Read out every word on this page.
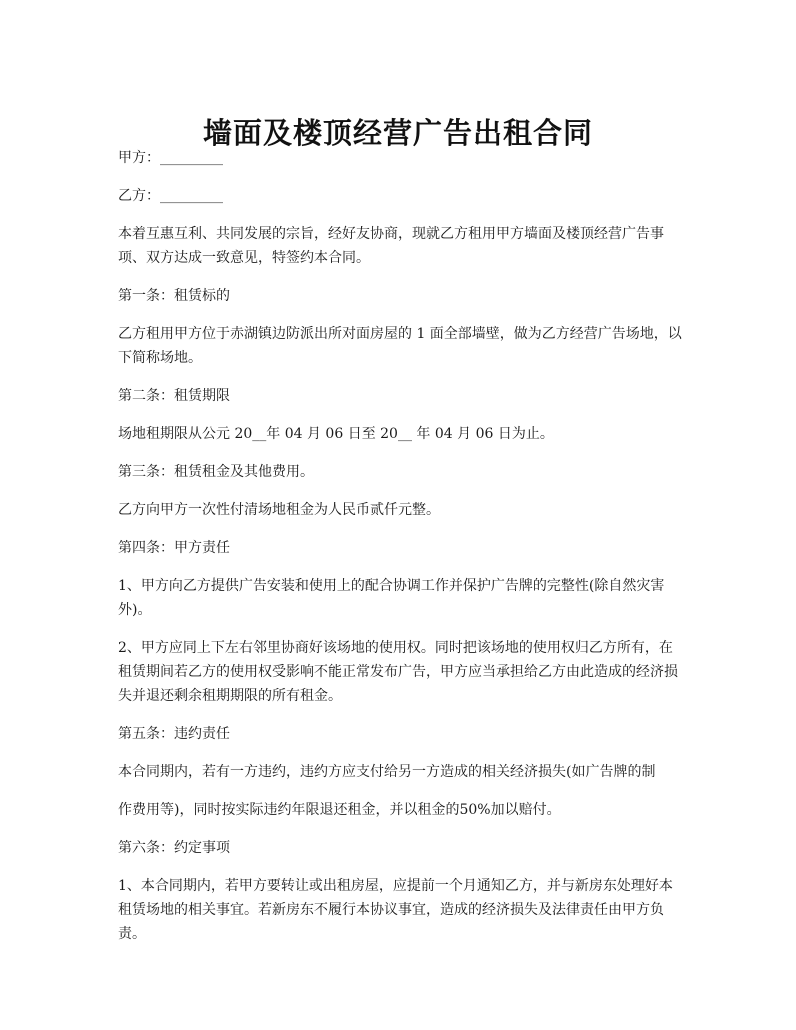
墙面及楼顶经营广告出租合同

甲方：_________

乙方：_________

本着互惠互利、共同发展的宗旨，经好友协商，现就乙方租用甲方墙面及楼顶经营广告事项、双方达成一致意见，特签约本合同。

第一条：租赁标的

乙方租用甲方位于赤湖镇边防派出所对面房屋的 1 面全部墙壁，做为乙方经营广告场地，以下简称场地。

第二条：租赁期限

场地租期限从公元 20__年 04 月 06 日至 20__ 年 04 月 06 日为止。

第三条：租赁租金及其他费用。

乙方向甲方一次性付清场地租金为人民币贰仟元整。

第四条：甲方责任

1、甲方向乙方提供广告安装和使用上的配合协调工作并保护广告牌的完整性(除自然灾害外)。

2、甲方应同上下左右邻里协商好该场地的使用权。同时把该场地的使用权归乙方所有，在租赁期间若乙方的使用权受影响不能正常发布广告，甲方应当承担给乙方由此造成的经济损失并退还剩余租期期限的所有租金。

第五条：违约责任

本合同期内，若有一方违约，违约方应支付给另一方造成的相关经济损失(如广告牌的制

作费用等)，同时按实际违约年限退还租金，并以租金的50%加以赔付。

第六条：约定事项

1、本合同期内，若甲方要转让或出租房屋，应提前一个月通知乙方，并与新房东处理好本租赁场地的相关事宜。若新房东不履行本协议事宜，造成的经济损失及法律责任由甲方负责。
